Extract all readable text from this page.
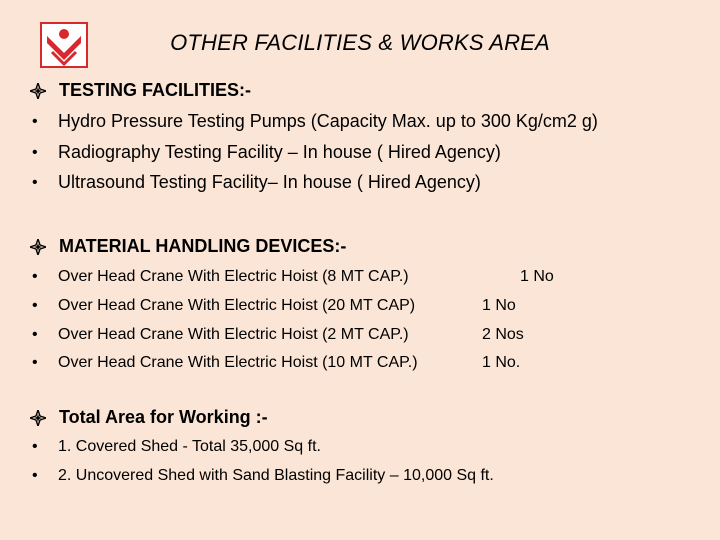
OTHER FACILITIES & WORKS AREA
TESTING FACILITIES:-
•	Hydro Pressure Testing Pumps (Capacity Max. up to 300 Kg/cm2 g)
•	Radiography Testing Facility – In house ( Hired Agency)
•	Ultrasound Testing Facility– In house ( Hired Agency)
MATERIAL HANDLING DEVICES:-
•	Over Head Crane With Electric Hoist (8 MT CAP.)	1 No
•	Over Head Crane With Electric Hoist (20 MT CAP)	1 No
•	Over Head Crane With Electric Hoist (2 MT CAP.)	2 Nos
•	Over Head Crane With Electric Hoist (10 MT CAP.)	1 No.
Total Area for Working :-
•	1. Covered Shed - Total 35,000 Sq ft.
•	2. Uncovered Shed with Sand Blasting Facility – 10,000 Sq ft.
